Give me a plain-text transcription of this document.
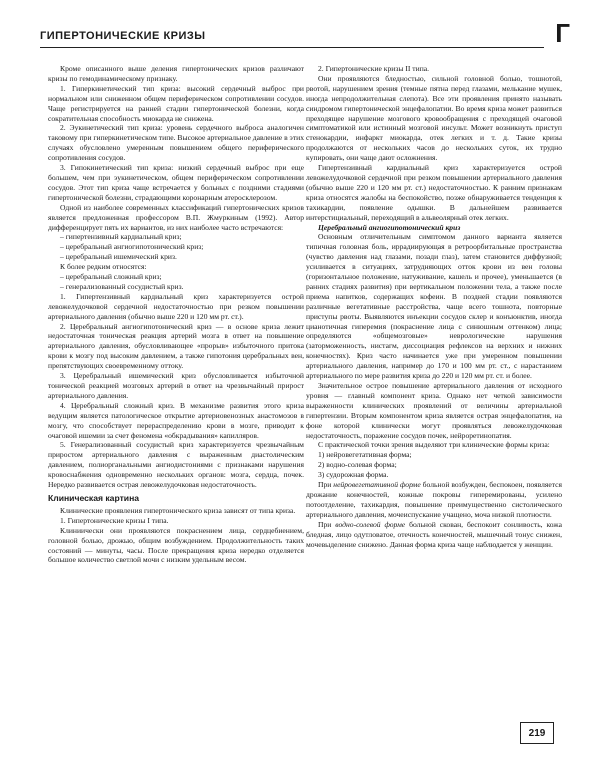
ГИПЕРТОНИЧЕСКИЕ КРИЗЫ	Г

Кроме описанного выше деления гипертонических кризов различают кризы по гемодинамическому признаку.

1. Гиперкинетический тип криза: высокий сердечный выброс при нормальном или сниженном общем периферическом сопротивлении сосудов. Чаще регистрируется на ранней стадии гипертонической болезни, когда сократительная способность миокарда не снижена.

2. Эукинетический тип криза: уровень сердечного выброса аналогичен таковому при гиперкинетическом типе. Высокое артериальное давление в этих случаях обусловлено умеренным повышением общего периферического сопротивления сосудов.

3. Гипокинетический тип криза: низкий сердечный выброс при еще большем, чем при эукинетическом, общем периферическом сопротивлении сосудов. Этот тип криза чаще встречается у больных с поздними стадиями гипертонической болезни, страдающими коронарным атеросклерозом.

Одной из наиболее современных классификаций гипертонических кризов является предложенная профессором В.П. Жмуркиным (1992). Автор дифференцирует пять их вариантов, из них наиболее часто встречаются:

– гипертензивный кардиальный криз;

– церебральный ангиогипотонический криз;

– церебральный ишемический криз.

К более редким относятся:

– церебральный сложный криз;

– генерализованный сосудистый криз.

1. Гипертензивный кардиальный криз характеризуется острой левожелудочковой сердечной недостаточностью при резком повышении артериального давления (обычно выше 220 и 120 мм рт. ст.).

2. Церебральный ангиогипотонический криз — в основе криза лежит недостаточная тоническая реакция артерий мозга в ответ на повышение артериального давления, обусловливающее «прорыв» избыточного притока крови к мозгу под высоким давлением, а также гипотония церебральных вен, препятствующих своевременному оттоку.

3. Церебральный ишемический криз обусловливается избыточной тонической реакцией мозговых артерий в ответ на чрезвычайный прирост артериального давления.

4. Церебральный сложный криз. В механизме развития этого криза ведущим является патологическое открытие артериовенозных анастомозов в мозгу, что способствует перераспределению крови в мозге, приводит к очаговой ишемии за счет феномена «обкрадывания» капилляров.

5. Генерализованный сосудистый криз характеризуется чрезвычайным приростом артериального давления с выраженным диастолическим давлением, полиорганальными ангиодистониями с признаками нарушения кровоснабжения одновременно нескольких органов: мозга, сердца, почек. Нередко развивается острая левожелудочковая недостаточность.

Клиническая картина

Клинические проявления гипертонического криза зависят от типа криза.

1. Гипертонические кризы I типа.

Клиниически они проявляются покраснением лица, сердцебиением, головной болью, дрожью, общим возбуждением. Продолжительность таких состояний — минуты, часы. После прекращения криза нередко отделяется большое количество светлой мочи с низким удельным весом.

2. Гипертонические кризы II типа.

Они проявляются бледностью, сильной головной болью, тошнотой, рвотой, нарушением зрения (темные пятна перед глазами, мелькание мушек, иногда непродолжительная слепота). Все эти проявления принято называть синдромом гипертонической энцефалопатии. Во время криза может развиться преходящее нарушение мозгового кровообращения с преходящей очаговой симптоматикой или истинный мозговой инсульт. Может возникнуть приступ стенокардии, инфаркт миокарда, отек легких и т. д. Такие кризы продолжаются от нескольких часов до нескольких суток, их трудно купировать, они чаще дают осложнения.

Гипертензивный кардиальный криз характеризуется острой левожелудочковой сердечной при резком повышении артериального давления (обычно выше 220 и 120 мм рт. ст.) недостаточностью. К ранним признакам криза относятся жалобы на беспокойство, позже обнаруживается тенденция к тахикардии, появление одышки. В дальнейшем развивается интерстициальный, переходящий в альвеолярный отек легких.

Церебральный ангиогипотонический криз

Основным отличительным симптомом данного варианта является типичная головная боль, иррадиирующая в ретроорбитальные пространства (чувство давления над глазами, позади глаз), затем становится диффузной; усиливается в ситуациях, затрудняющих отток крови из вен головы (горизонтальное положение, натуживание, кашель и прочее), уменьшается (в ранних стадиях развития) при вертикальном положении тела, а также после приема напитков, содержащих кофеин. В поздней стадии появляются различные вегетативные расстройства, чаще всего тошнота, повторные приступы рвоты. Выявляются инъекции сосудов склер и конъюнктив, иногда цианотичная гиперемия (покраснение лица с синюшным оттенком) лица; определяются «общемозговые» неврологические нарушения (заторможенность, нистагм, диссоциация рефлексов на верхних и нижних конечностях). Криз часто начинается уже при умеренном повышении артериального давления, например до 170 и 100 мм рт. ст., с нарастанием артериального по мере развития криза до 220 и 120 мм рт. ст. и более.

Значительное острое повышение артериального давления от исходного уровня — главный компонент криза. Однако нет четкой зависимости выраженности клинических проявлений от величины артериальной гипертензии. Вторым компонентом криза является острая энцефалопатия, на фоне которой клинически могут проявляться левожелудочковая недостаточность, поражение сосудов почек, нейроретинопатия.

С практической точки зрения выделяют три клинические формы криза:

1) нейровегетативная форма;

2) водно-солевая форма;

3) судорожная форма.

При нейровегетативной форме больной возбужден, беспокоен, появляется дрожание конечностей, кожные покровы гиперемированы, усилено потоотделение, тахикардия, повышение преимущественно систолического артериального давления, мочеиспускание учащено, моча низкой плотности.

При водно-солевой форме больной скован, беспокоит сонливость, кожа бледная, лицо одутловатое, отечность конечностей, мышечный тонус снижен, мочевыделение снижено. Данная форма криза чаще наблюдается у женщин.

219
